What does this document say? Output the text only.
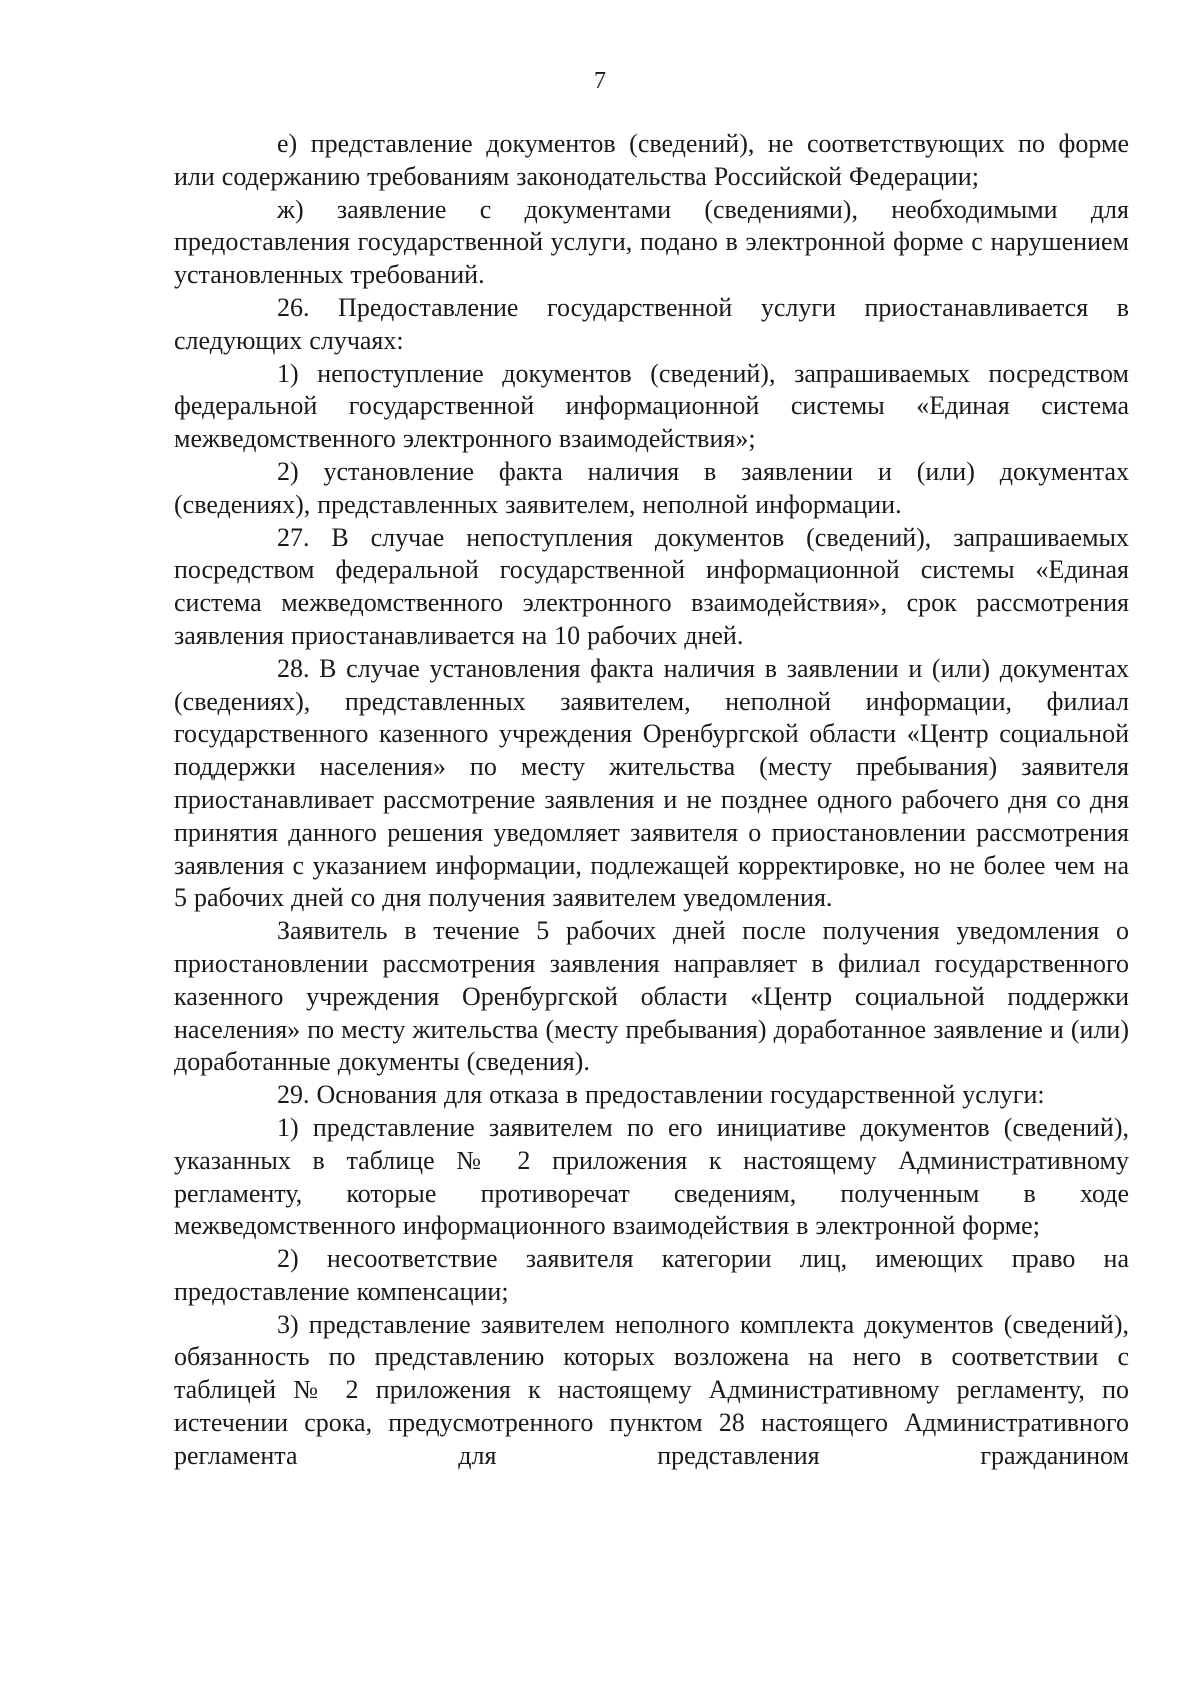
7

е) представление документов (сведений), не соответствующих по форме или содержанию требованиям законодательства Российской Федерации;

ж) заявление с документами (сведениями), необходимыми для предоставления государственной услуги, подано в электронной форме с нарушением установленных требований.

26. Предоставление государственной услуги приостанавливается в следующих случаях:

1) непоступление документов (сведений), запрашиваемых посредством федеральной государственной информационной системы «Единая система межведомственного электронного взаимодействия»;

2) установление факта наличия в заявлении и (или) документах (сведениях), представленных заявителем, неполной информации.

27. В случае непоступления документов (сведений), запрашиваемых посредством федеральной государственной информационной системы «Единая система межведомственного электронного взаимодействия», срок рассмотрения заявления приостанавливается на 10 рабочих дней.

28. В случае установления факта наличия в заявлении и (или) документах (сведениях), представленных заявителем, неполной информации, филиал государственного казенного учреждения Оренбургской области «Центр социальной поддержки населения» по месту жительства (месту пребывания) заявителя приостанавливает рассмотрение заявления и не позднее одного рабочего дня со дня принятия данного решения уведомляет заявителя о приостановлении рассмотрения заявления с указанием информации, подлежащей корректировке, но не более чем на 5 рабочих дней со дня получения заявителем уведомления.

Заявитель в течение 5 рабочих дней после получения уведомления о приостановлении рассмотрения заявления направляет в филиал государственного казенного учреждения Оренбургской области «Центр социальной поддержки населения» по месту жительства (месту пребывания) доработанное заявление и (или) доработанные документы (сведения).

29. Основания для отказа в предоставлении государственной услуги:

1) представление заявителем по его инициативе документов (сведений), указанных в таблице № 2 приложения к настоящему Административному регламенту, которые противоречат сведениям, полученным в ходе межведомственного информационного взаимодействия в электронной форме;

2) несоответствие заявителя категории лиц, имеющих право на предоставление компенсации;

3) представление заявителем неполного комплекта документов (сведений), обязанность по представлению которых возложена на него в соответствии с таблицей № 2 приложения к настоящему Административному регламенту, по истечении срока, предусмотренного пунктом 28 настоящего Административного регламента для представления гражданином
